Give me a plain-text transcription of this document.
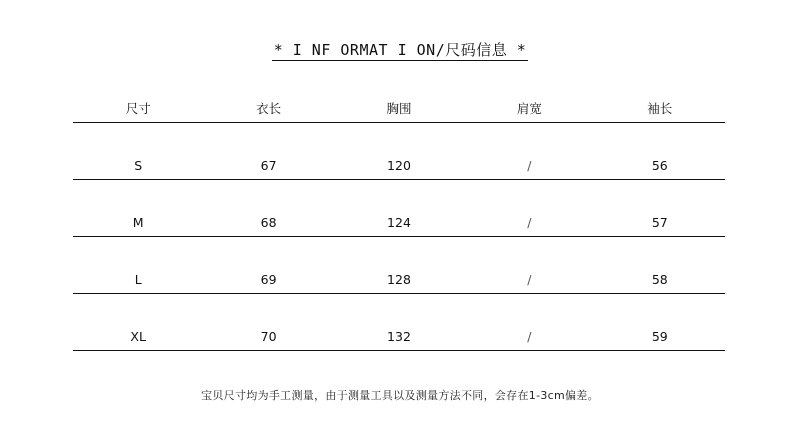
* I NF ORMAT I ON/尺码信息 *
尺寸	衣长	胸围	肩宽	袖长
S	67	120	/	56
M	68	124	/	57
L	69	128	/	58
XL	70	132	/	59
宝贝尺寸均为手工测量，由于测量工具以及测量方法不同，会存在1-3cm偏差。
